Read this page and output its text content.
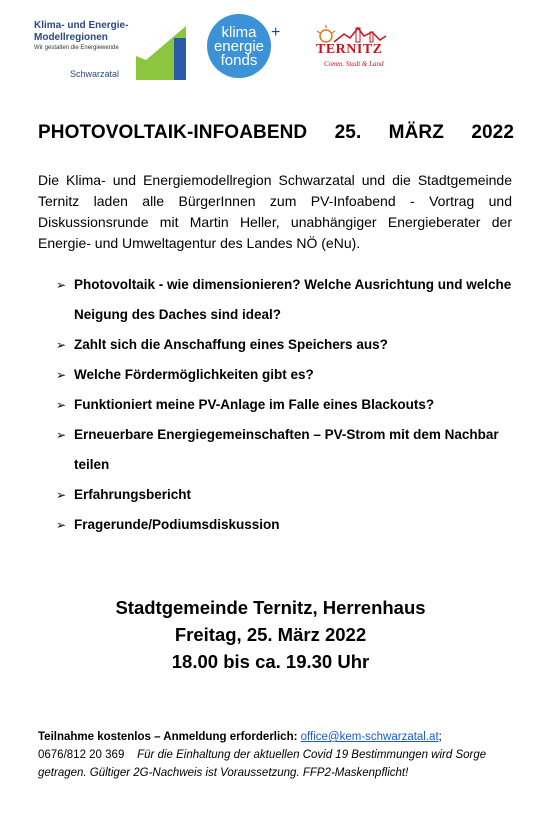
Klima- und Energie-
Modellregionen
Wir gestalten die Energiewende
Schwarzatal
klima
energie
fonds
+
TERNITZ
Comm. Stadt & Land
PHOTOVOLTAIK-INFOABEND 25. MÄRZ 2022

Die Klima- und Energiemodellregion Schwarzatal und die Stadtgemeinde Ternitz laden alle BürgerInnen zum PV-Infoabend - Vortrag und Diskussionsrunde mit Martin Heller, unabhängiger Energieberater der Energie- und Umweltagentur des Landes NÖ (eNu).

➢ Photovoltaik - wie dimensionieren? Welche Ausrichtung und welche Neigung des Daches sind ideal?
➢ Zahlt sich die Anschaffung eines Speichers aus?
➢ Welche Fördermöglichkeiten gibt es?
➢ Funktioniert meine PV-Anlage im Falle eines Blackouts?
➢ Erneuerbare Energiegemeinschaften – PV-Strom mit dem Nachbar teilen
➢ Erfahrungsbericht
➢ Fragerunde/Podiumsdiskussion
Stadtgemeinde Ternitz, Herrenhaus
Freitag, 25. März 2022
18.00 bis ca. 19.30 Uhr
Teilnahme kostenlos – Anmeldung erforderlich: office@kem-schwarzatal.at;
0676/812 20 369 Für die Einhaltung der aktuellen Covid 19 Bestimmungen wird Sorge getragen. Gültiger 2G-Nachweis ist Voraussetzung. FFP2-Maskenpflicht!
